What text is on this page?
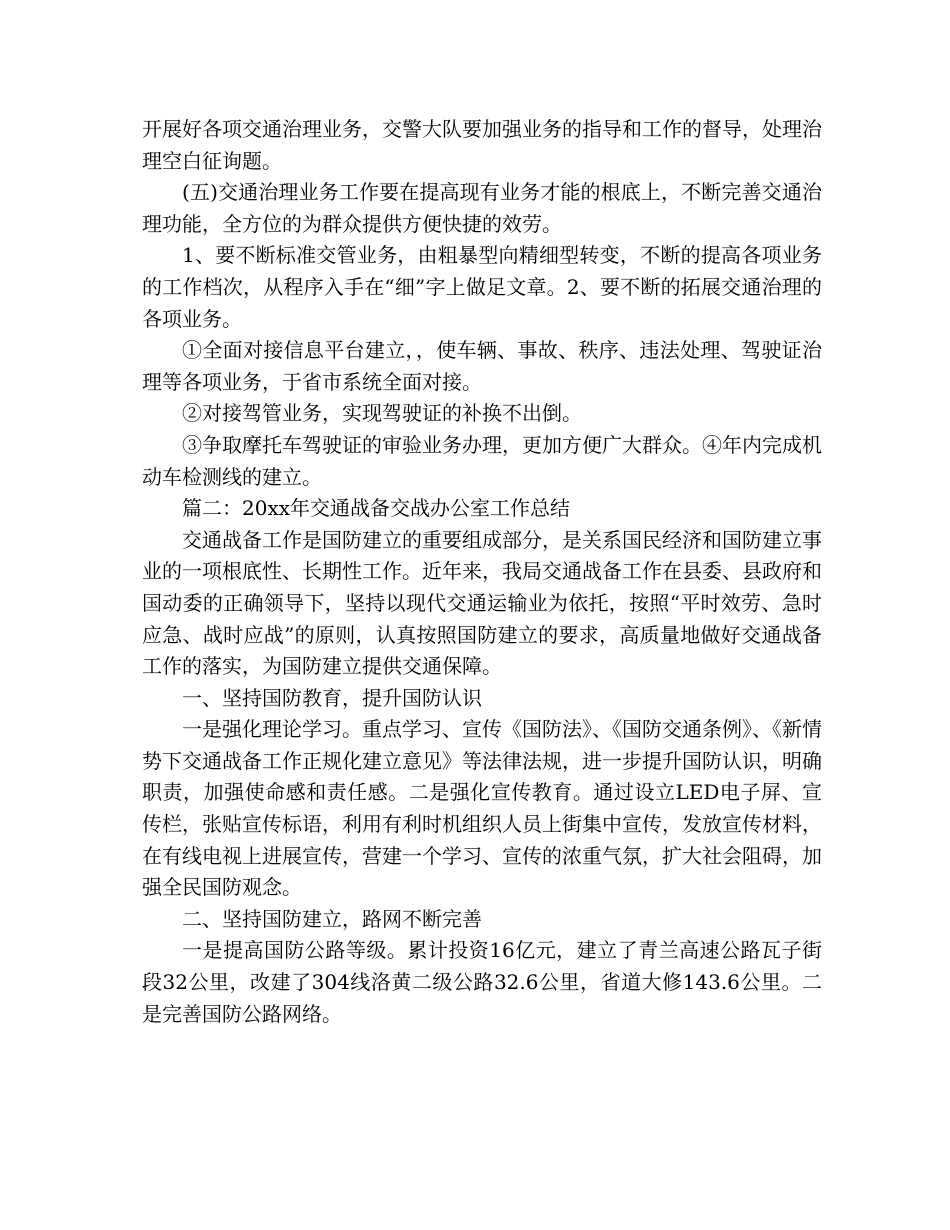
开展好各项交通治理业务，交警大队要加强业务的指导和工作的督导，处理治理空白征询题。

(五)交通治理业务工作要在提高现有业务才能的根底上，不断完善交通治理功能，全方位的为群众提供方便快捷的效劳。

1、要不断标准交管业务，由粗暴型向精细型转变，不断的提高各项业务的工作档次，从程序入手在“细”字上做足文章。2、要不断的拓展交通治理的各项业务。

①全面对接信息平台建立，，使车辆、事故、秩序、违法处理、驾驶证治理等各项业务，于省市系统全面对接。

②对接驾管业务，实现驾驶证的补换不出倒。

③争取摩托车驾驶证的审验业务办理，更加方便广大群众。④年内完成机动车检测线的建立。

篇二：20xx年交通战备交战办公室工作总结

交通战备工作是国防建立的重要组成部分，是关系国民经济和国防建立事业的一项根底性、长期性工作。近年来，我局交通战备工作在县委、县政府和国动委的正确领导下，坚持以现代交通运输业为依托，按照“平时效劳、急时应急、战时应战”的原则，认真按照国防建立的要求，高质量地做好交通战备工作的落实，为国防建立提供交通保障。

一、坚持国防教育，提升国防认识

一是强化理论学习。重点学习、宣传《国防法》、《国防交通条例》、《新情势下交通战备工作正规化建立意见》等法律法规，进一步提升国防认识，明确职责，加强使命感和责任感。二是强化宣传教育。通过设立LED电子屏、宣传栏，张贴宣传标语，利用有利时机组织人员上街集中宣传，发放宣传材料，在有线电视上进展宣传，营建一个学习、宣传的浓重气氛，扩大社会阻碍，加强全民国防观念。

二、坚持国防建立，路网不断完善

一是提高国防公路等级。累计投资16亿元，建立了青兰高速公路瓦子街段32公里，改建了304线洛黄二级公路32.6公里，省道大修143.6公里。二是完善国防公路网络。
